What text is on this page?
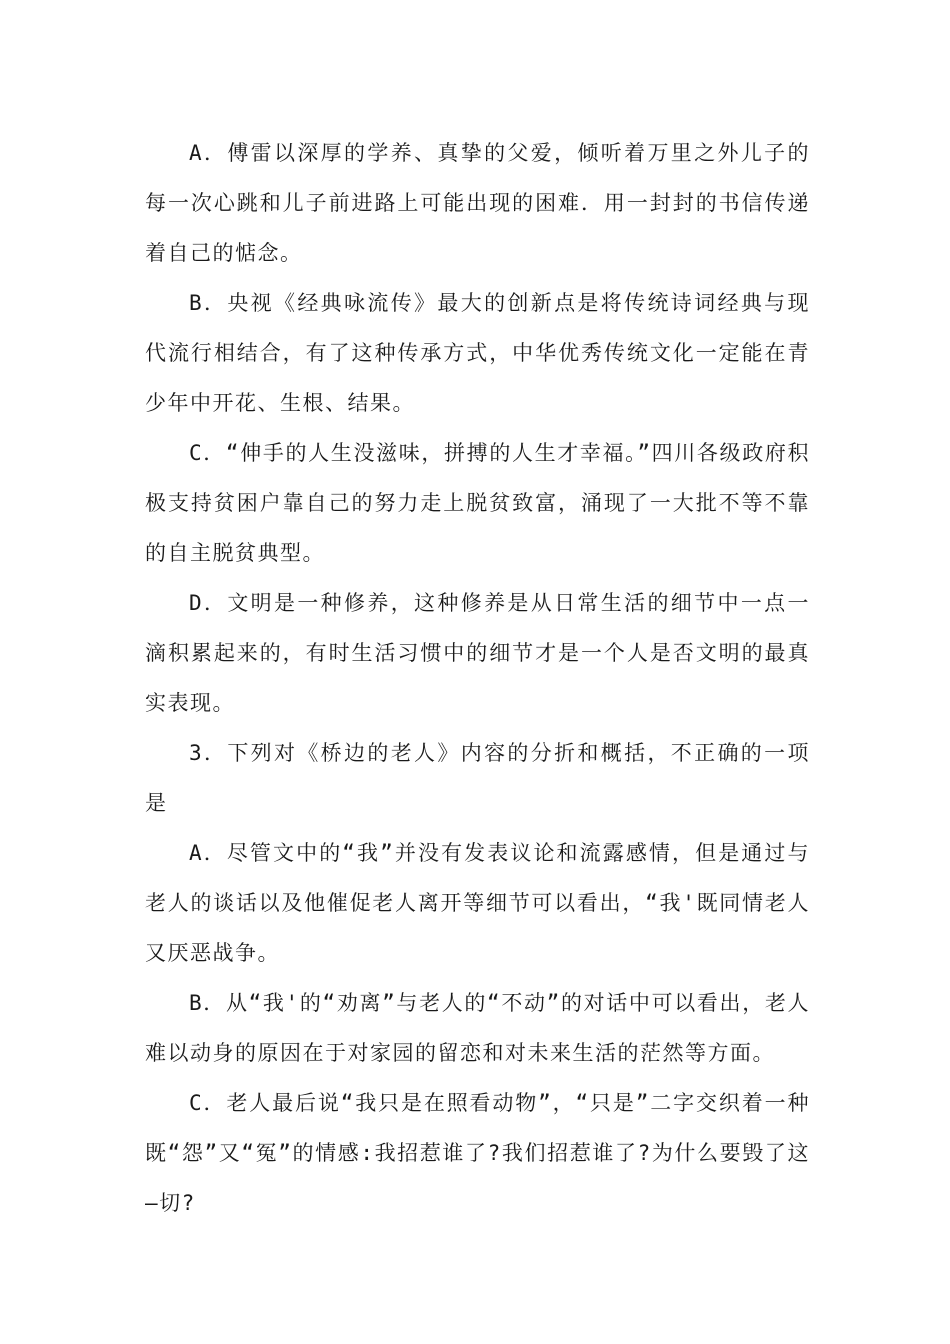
A．傅雷以深厚的学养、真挚的父爱，倾听着万里之外儿子的每一次心跳和儿子前进路上可能出现的困难．用一封封的书信传递着自己的惦念。

B．央视《经典咏流传》最大的创新点是将传统诗词经典与现代流行相结合，有了这种传承方式，中华优秀传统文化一定能在青少年中开花、生根、结果。

C．“伸手的人生没滋味，拼搏的人生才幸福。”四川各级政府积极支持贫困户靠自己的努力走上脱贫致富，涌现了一大批不等不靠的自主脱贫典型。

D．文明是一种修养，这种修养是从日常生活的细节中一点一滴积累起来的，有时生活习惯中的细节才是一个人是否文明的最真实表现。

3．下列对《桥边的老人》内容的分折和概括，不正确的一项是

A．尽管文中的“我”并没有发表议论和流露感情，但是通过与老人的谈话以及他催促老人离开等细节可以看出，“我'既同情老人又厌恶战争。

B．从“我'的“劝离”与老人的“不动”的对话中可以看出，老人难以动身的原因在于对家园的留恋和对未来生活的茫然等方面。

C．老人最后说“我只是在照看动物”，“只是”二字交织着一种既“怨”又“冤”的情感:我招惹谁了?我们招惹谁了?为什么要毁了这—切?
